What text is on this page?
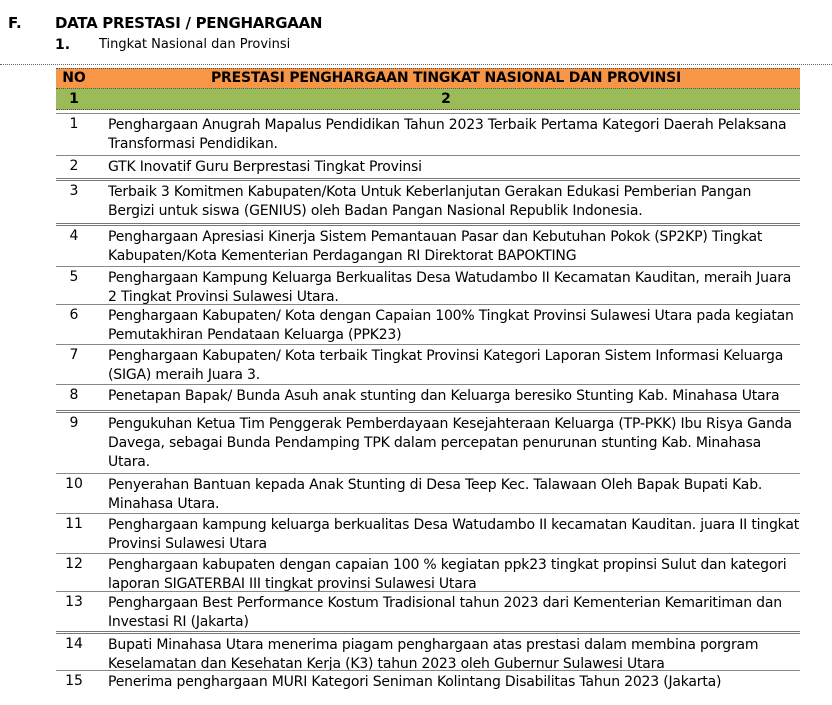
F. DATA PRESTASI / PENGHARGAAN
1. Tingkat Nasional dan Provinsi
NO	PRESTASI PENGHARGAAN TINGKAT NASIONAL DAN PROVINSI
1	2
1	Penghargaan Anugrah Mapalus Pendidikan Tahun 2023 Terbaik Pertama Kategori Daerah Pelaksana Transformasi Pendidikan.
2	GTK Inovatif Guru Berprestasi Tingkat Provinsi
3	Terbaik 3 Komitmen Kabupaten/Kota Untuk Keberlanjutan Gerakan Edukasi Pemberian Pangan Bergizi untuk siswa (GENIUS) oleh Badan Pangan Nasional Republik Indonesia.
4	Penghargaan Apresiasi Kinerja Sistem Pemantauan Pasar dan Kebutuhan Pokok (SP2KP) Tingkat Kabupaten/Kota Kementerian Perdagangan RI Direktorat BAPOKTING
5	Penghargaan Kampung Keluarga Berkualitas Desa Watudambo II Kecamatan Kauditan, meraih Juara 2 Tingkat Provinsi Sulawesi Utara.
6	Penghargaan Kabupaten/ Kota dengan Capaian 100% Tingkat Provinsi Sulawesi Utara pada kegiatan Pemutakhiran Pendataan Keluarga (PPK23)
7	Penghargaan Kabupaten/ Kota terbaik Tingkat Provinsi Kategori Laporan Sistem Informasi Keluarga (SIGA) meraih Juara 3.
8	Penetapan Bapak/ Bunda Asuh anak stunting dan Keluarga beresiko Stunting Kab. Minahasa Utara
9	Pengukuhan Ketua Tim Penggerak Pemberdayaan Kesejahteraan Keluarga (TP-PKK) Ibu Risya Ganda Davega, sebagai Bunda Pendamping TPK dalam percepatan penurunan stunting Kab. Minahasa Utara.
10	Penyerahan Bantuan kepada Anak Stunting di Desa Teep Kec. Talawaan Oleh Bapak Bupati Kab. Minahasa Utara.
11	Penghargaan kampung keluarga berkualitas Desa Watudambo II kecamatan Kauditan. juara II tingkat Provinsi Sulawesi Utara
12	Penghargaan kabupaten dengan capaian 100 % kegiatan ppk23 tingkat propinsi Sulut dan kategori laporan SIGATERBAI III tingkat provinsi Sulawesi Utara
13	Penghargaan Best Performance Kostum Tradisional tahun 2023 dari Kementerian Kemaritiman dan Investasi RI (Jakarta)
14	Bupati Minahasa Utara menerima piagam penghargaan atas prestasi dalam membina porgram Keselamatan dan Kesehatan Kerja (K3) tahun 2023 oleh Gubernur Sulawesi Utara
15	Penerima penghargaan MURI Kategori Seniman Kolintang Disabilitas Tahun 2023 (Jakarta)
